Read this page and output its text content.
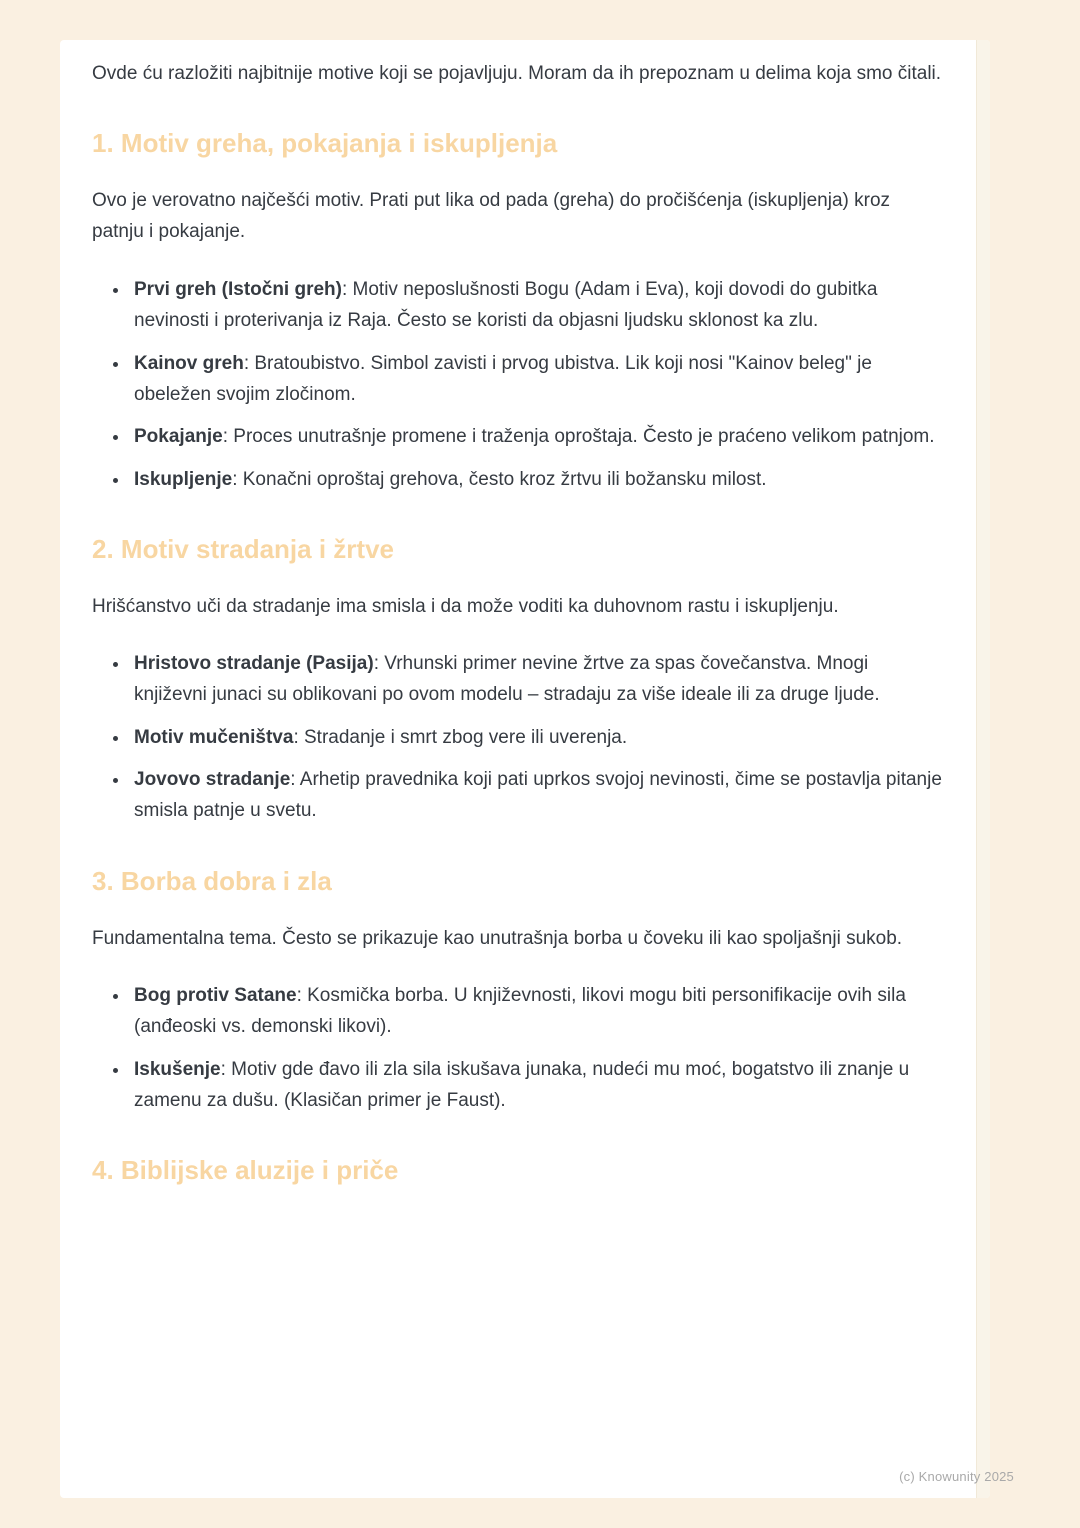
Ovde ću razložiti najbitnije motive koji se pojavljuju. Moram da ih prepoznam u delima koja smo čitali.

1. Motiv greha, pokajanja i iskupljenja

Ovo je verovatno najčešći motiv. Prati put lika od pada (greha) do pročišćenja (iskupljenja) kroz patnju i pokajanje.

• Prvi greh (Istočni greh): Motiv neposlušnosti Bogu (Adam i Eva), koji dovodi do gubitka nevinosti i proterivanja iz Raja. Često se koristi da objasni ljudsku sklonost ka zlu.
• Kainov greh: Bratoubistvo. Simbol zavisti i prvog ubistva. Lik koji nosi "Kainov beleg" je obeležen svojim zločinom.
• Pokajanje: Proces unutrašnje promene i traženja oproštaja. Često je praćeno velikom patnjom.
• Iskupljenje: Konačni oproštaj grehova, često kroz žrtvu ili božansku milost.
2. Motiv stradanja i žrtve

Hrišćanstvo uči da stradanje ima smisla i da može voditi ka duhovnom rastu i iskupljenju.

• Hristovo stradanje (Pasija): Vrhunski primer nevine žrtve za spas čovečanstva. Mnogi književni junaci su oblikovani po ovom modelu – stradaju za više ideale ili za druge ljude.
• Motiv mučeništva: Stradanje i smrt zbog vere ili uverenja.
• Jovovo stradanje: Arhetip pravednika koji pati uprkos svojoj nevinosti, čime se postavlja pitanje smisla patnje u svetu.
3. Borba dobra i zla

Fundamentalna tema. Često se prikazuje kao unutrašnja borba u čoveku ili kao spoljašnji sukob.

• Bog protiv Satane: Kosmička borba. U književnosti, likovi mogu biti personifikacije ovih sila (anđeoski vs. demonski likovi).
• Iskušenje: Motiv gde đavo ili zla sila iskušava junaka, nudeći mu moć, bogatstvo ili znanje u zamenu za dušu. (Klasičan primer je Faust).
4. Biblijske aluzije i priče
(c) Knowunity 2025
